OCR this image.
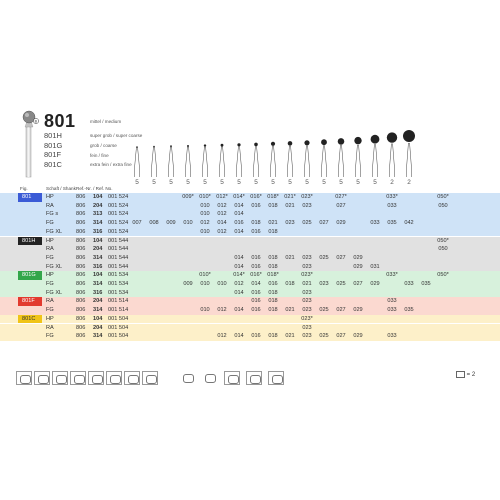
B 801
801H
801G
801F
801C
mittel / medium
super grob / super coarse
grob / coarse
fein / fine
extra fein / extra fine
5	5	5	5	5	5	5	5	5	5	5	5	5	5	5	2	2
Fig.	Schaft / Shank Ref.-Nr. / Ref. No.
801	HP	806 104 001 524	009* 010* 012* 014* 016* 018* 021* 023*	027*	033*	050*
RA	806 204 001 524	010	012	014	016	018	021	023	027	033	050
FG s	806 313 001 524	010	012	014
FG	806 314 001 524 007	008	009	010	012	014	016	018	021	023	025	027	029	033	035	042
FG XL 806 316 001 524	010	012	014	016	018
801H	HP	806 104 001 544	050*
RA	806 204 001 544	050
FG	806 314 001 544	014	016	018	021	023	025	027	029
FG XL 806 316 001 544	014	016	018	023	029	031
801G	HP	806 104 001 534	010*	014* 016* 018*	023*	033*	050*
FG	806 314 001 534	009	010	010	012	014	016	018	021	023	025	027	029	033	035
FG XL 806 316 001 534	014	016	018	023
801F	RA	806 204 001 514	016	018	023	033
FG	806 314 001 514	010	012	014	016	018	021	023	025	027	029	033	035
801C	HP	806 104 001 504	023*
RA	806 204 001 504	023
FG	806 314 001 504	012	014	016	018	021	023	025	027	029	033
= 2
